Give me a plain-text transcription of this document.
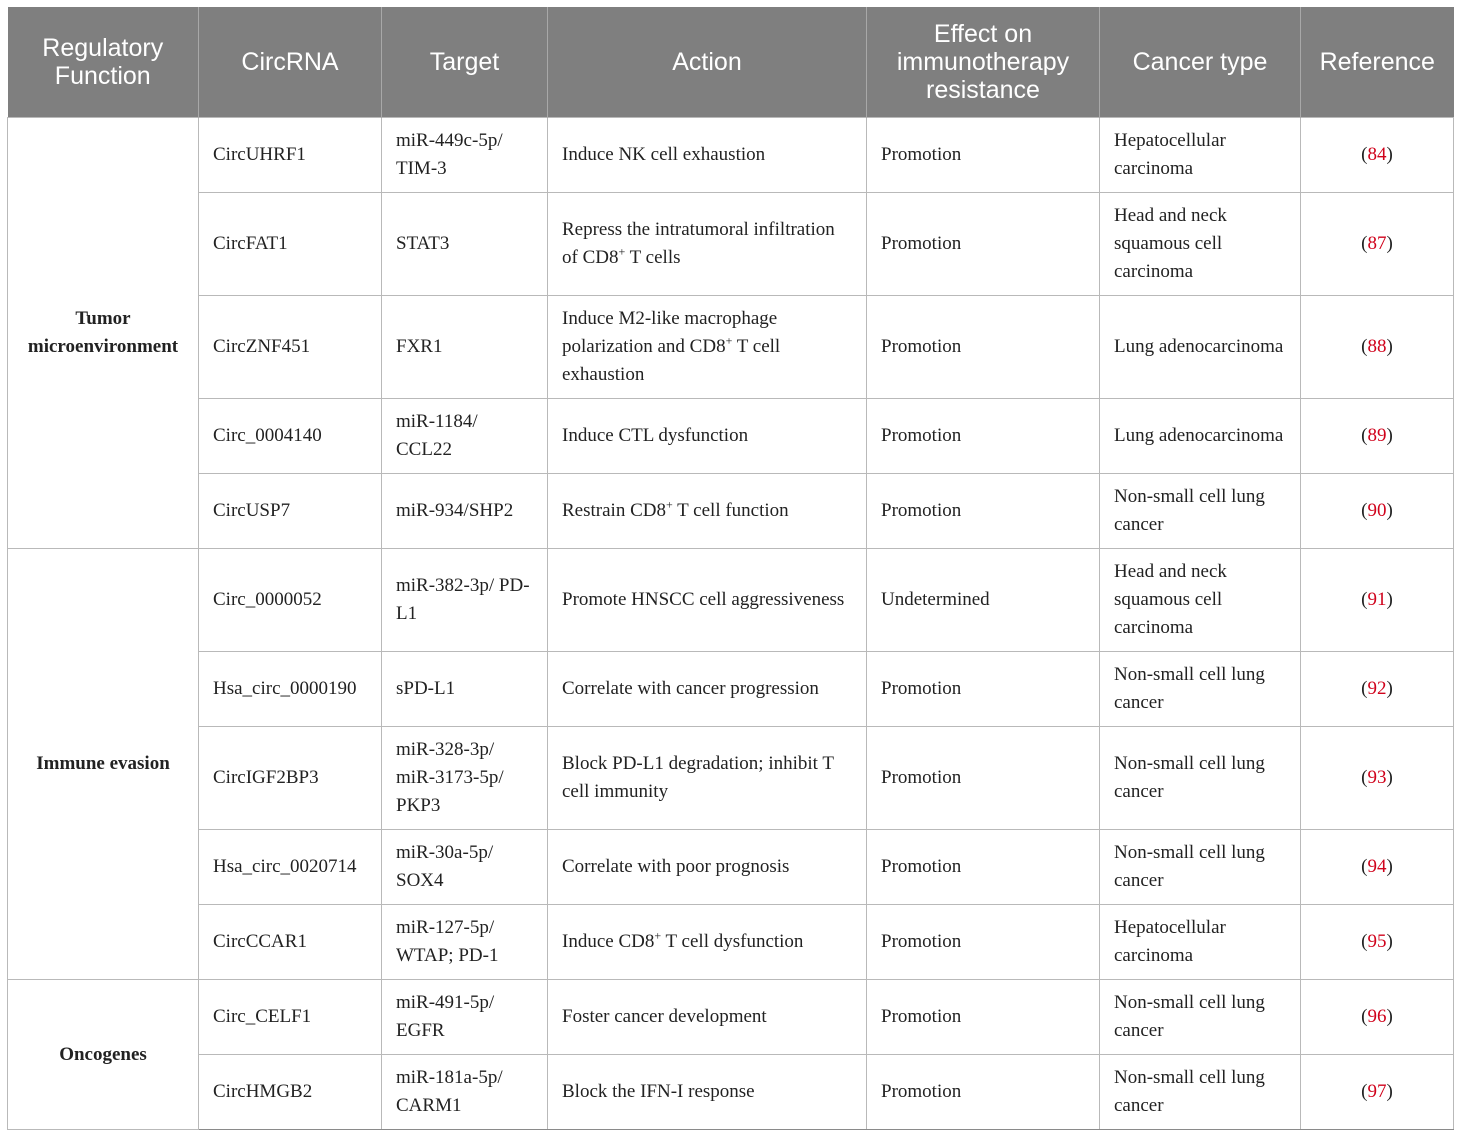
Regulatory Function	CircRNA	Target	Action	Effect on immunotherapy resistance	Cancer type	Reference
Tumor microenvironment	CircUHRF1	miR-449c-5p/ TIM-3	Induce NK cell exhaustion	Promotion	Hepatocellular carcinoma	(84)
	CircFAT1	STAT3	Repress the intratumoral infiltration of CD8+ T cells	Promotion	Head and neck squamous cell carcinoma	(87)
	CircZNF451	FXR1	Induce M2-like macrophage polarization and CD8+ T cell exhaustion	Promotion	Lung adenocarcinoma	(88)
	Circ_0004140	miR-1184/ CCL22	Induce CTL dysfunction	Promotion	Lung adenocarcinoma	(89)
	CircUSP7	miR-934/SHP2	Restrain CD8+ T cell function	Promotion	Non-small cell lung cancer	(90)
Immune evasion	Circ_0000052	miR-382-3p/ PD-L1	Promote HNSCC cell aggressiveness	Undetermined	Head and neck squamous cell carcinoma	(91)
	Hsa_circ_0000190	sPD-L1	Correlate with cancer progression	Promotion	Non-small cell lung cancer	(92)
	CircIGF2BP3	miR-328-3p/ miR-3173-5p/ PKP3	Block PD-L1 degradation; inhibit T cell immunity	Promotion	Non-small cell lung cancer	(93)
	Hsa_circ_0020714	miR-30a-5p/ SOX4	Correlate with poor prognosis	Promotion	Non-small cell lung cancer	(94)
	CircCCAR1	miR-127-5p/ WTAP; PD-1	Induce CD8+ T cell dysfunction	Promotion	Hepatocellular carcinoma	(95)
Oncogenes	Circ_CELF1	miR-491-5p/ EGFR	Foster cancer development	Promotion	Non-small cell lung cancer	(96)
	CircHMGB2	miR-181a-5p/ CARM1	Block the IFN-I response	Promotion	Non-small cell lung cancer	(97)
